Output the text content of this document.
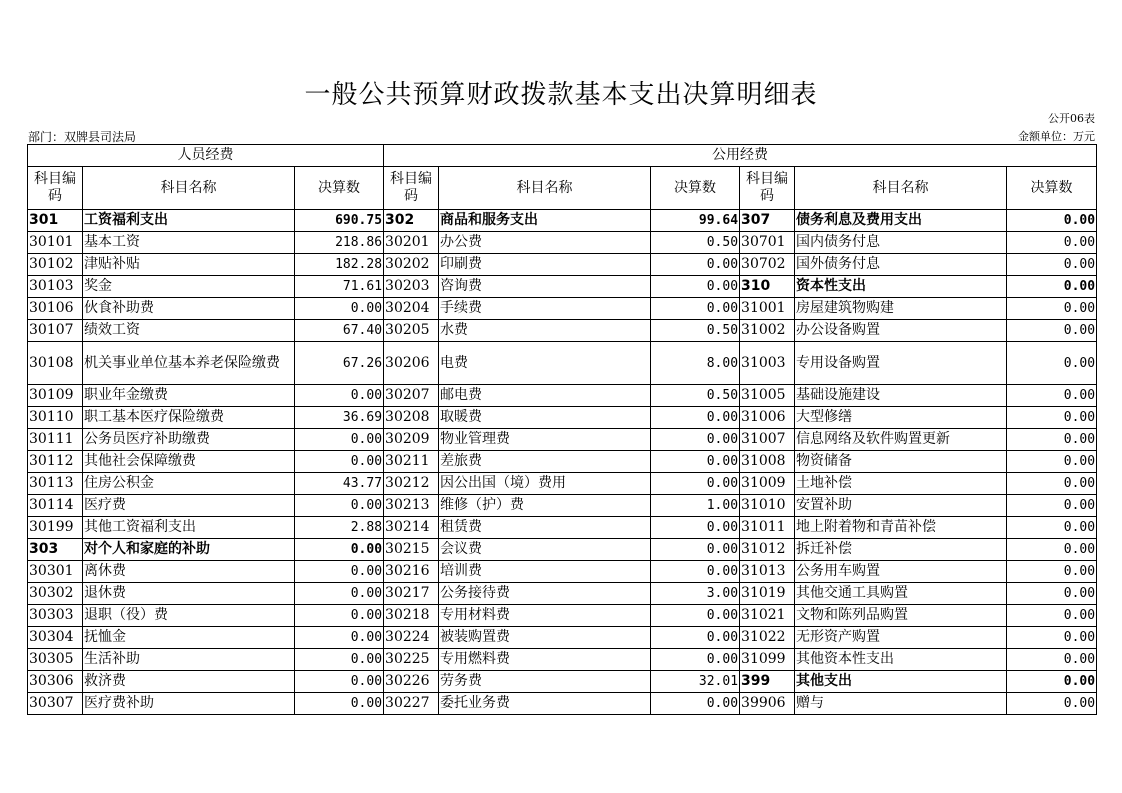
一般公共预算财政拨款基本支出决算明细表
公开06表
部门：双牌县司法局	金额单位：万元
人员经费			公用经费					
科目编码	科目名称	决算数	科目编码	科目名称	决算数	科目编码	科目名称	决算数
301	工资福利支出	690.75	302	商品和服务支出	99.64	307	债务利息及费用支出	0.00
30101	基本工资	218.86	30201	办公费	0.50	30701	国内债务付息	0.00
30102	津贴补贴	182.28	30202	印刷费	0.00	30702	国外债务付息	0.00
30103	奖金	71.61	30203	咨询费	0.00	310	资本性支出	0.00
30106	伙食补助费	0.00	30204	手续费	0.00	31001	房屋建筑物购建	0.00
30107	绩效工资	67.40	30205	水费	0.50	31002	办公设备购置	0.00
30108	机关事业单位基本养老保险缴费	67.26	30206	电费	8.00	31003	专用设备购置	0.00
30109	职业年金缴费	0.00	30207	邮电费	0.50	31005	基础设施建设	0.00
30110	职工基本医疗保险缴费	36.69	30208	取暖费	0.00	31006	大型修缮	0.00
30111	公务员医疗补助缴费	0.00	30209	物业管理费	0.00	31007	信息网络及软件购置更新	0.00
30112	其他社会保障缴费	0.00	30211	差旅费	0.00	31008	物资储备	0.00
30113	住房公积金	43.77	30212	因公出国（境）费用	0.00	31009	土地补偿	0.00
30114	医疗费	0.00	30213	维修（护）费	1.00	31010	安置补助	0.00
30199	其他工资福利支出	2.88	30214	租赁费	0.00	31011	地上附着物和青苗补偿	0.00
303	对个人和家庭的补助	0.00	30215	会议费	0.00	31012	拆迁补偿	0.00
30301	离休费	0.00	30216	培训费	0.00	31013	公务用车购置	0.00
30302	退休费	0.00	30217	公务接待费	3.00	31019	其他交通工具购置	0.00
30303	退职（役）费	0.00	30218	专用材料费	0.00	31021	文物和陈列品购置	0.00
30304	抚恤金	0.00	30224	被装购置费	0.00	31022	无形资产购置	0.00
30305	生活补助	0.00	30225	专用燃料费	0.00	31099	其他资本性支出	0.00
30306	救济费	0.00	30226	劳务费	32.01	399	其他支出	0.00
30307	医疗费补助	0.00	30227	委托业务费	0.00	39906	赠与	0.00
